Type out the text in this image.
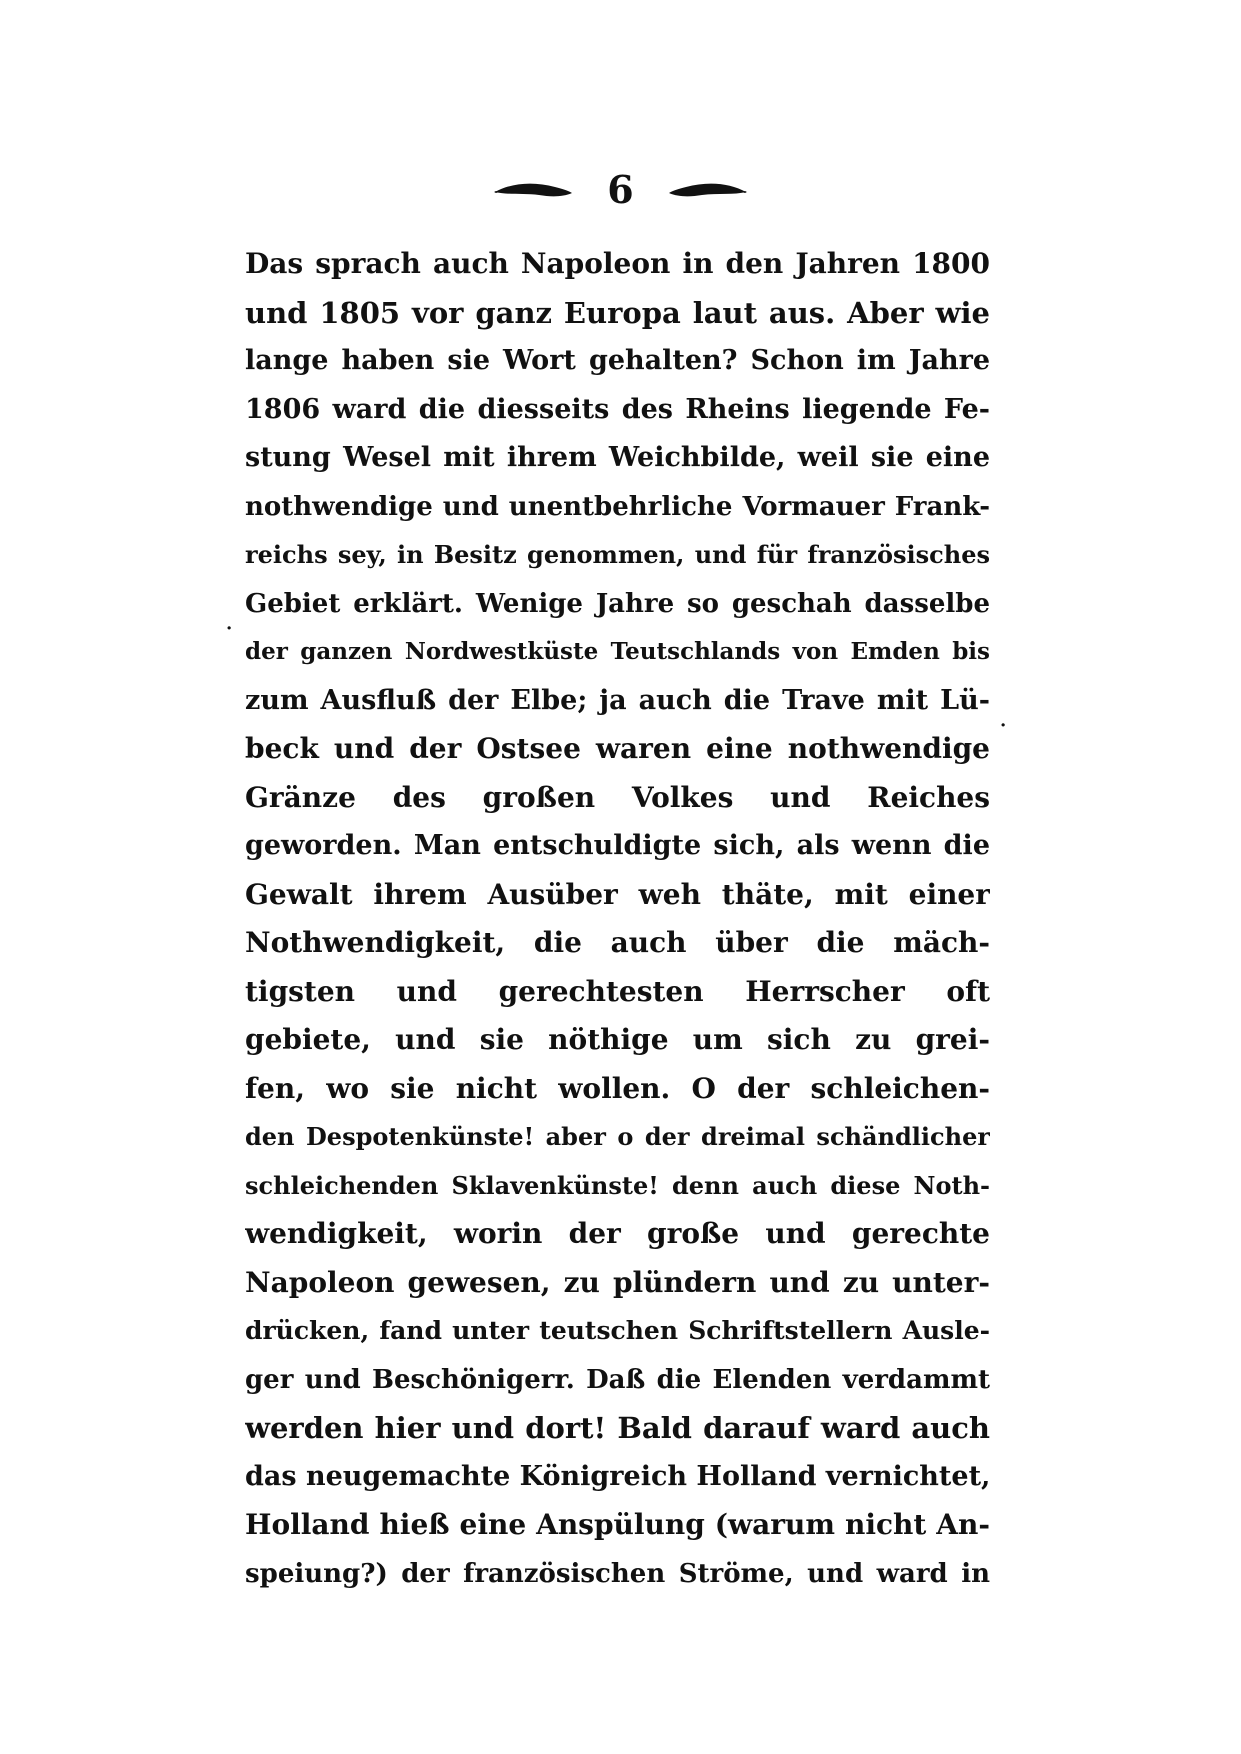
6
Das sprach auch Napoleon in den Jahren 1800
und 1805 vor ganz Europa laut aus. Aber wie
lange haben sie Wort gehalten? Schon im Jahre
1806 ward die diesseits des Rheins liegende Fe-
stung Wesel mit ihrem Weichbilde, weil sie eine
nothwendige und unentbehrliche Vormauer Frank-
reichs sey, in Besitz genommen, und für französisches
Gebiet erklärt. Wenige Jahre so geschah dasselbe
der ganzen Nordwestküste Teutschlands von Emden bis
zum Ausfluß der Elbe; ja auch die Trave mit Lü-
beck und der Ostsee waren eine nothwendige
Gränze des großen Volkes und Reiches
geworden. Man entschuldigte sich, als wenn die
Gewalt ihrem Ausüber weh thäte, mit einer
Nothwendigkeit, die auch über die mäch-
tigsten und gerechtesten Herrscher oft
gebiete, und sie nöthige um sich zu grei-
fen, wo sie nicht wollen. O der schleichen-
den Despotenkünste! aber o der dreimal schändlicher
schleichenden Sklavenkünste! denn auch diese Noth-
wendigkeit, worin der große und gerechte
Napoleon gewesen, zu plündern und zu unter-
drücken, fand unter teutschen Schriftstellern Ausle-
ger und Beschönigerr. Daß die Elenden verdammt
werden hier und dort! Bald darauf ward auch
das neugemachte Königreich Holland vernichtet,
Holland hieß eine Anspülung (warum nicht An-
speiung?) der französischen Ströme, und ward in
·
·
